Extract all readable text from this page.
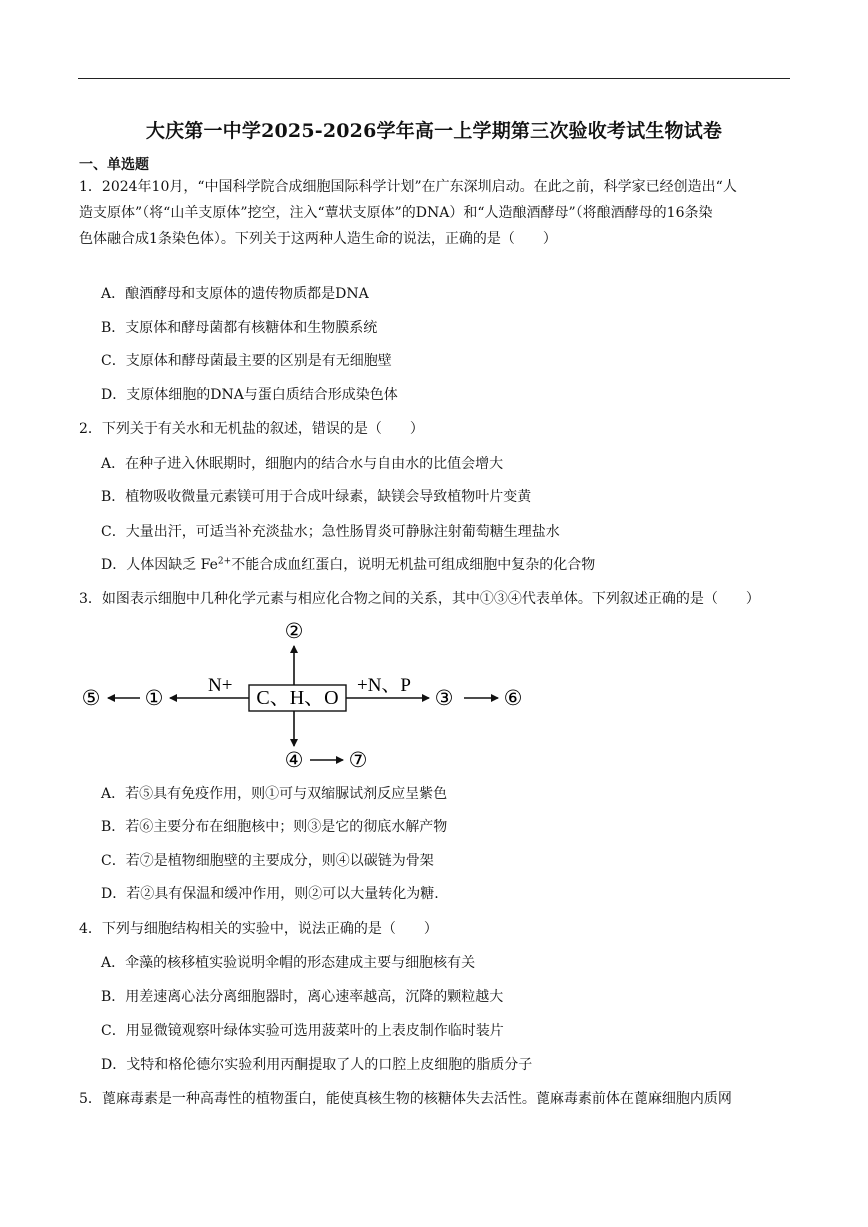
大庆第一中学2025-2026学年高一上学期第三次验收考试生物试卷
一、单选题
1．2024年10月，“中国科学院合成细胞国际科学计划”在广东深圳启动。在此之前，科学家已经创造出“人
造支原体”（将“山羊支原体”挖空，注入“蕈状支原体”的DNA）和“人造酿酒酵母”（将酿酒酵母的16条染
色体融合成1条染色体）。下列关于这两种人造生命的说法，正确的是（　　）
A．酿酒酵母和支原体的遗传物质都是DNA
B．支原体和酵母菌都有核糖体和生物膜系统
C．支原体和酵母菌最主要的区别是有无细胞壁
D．支原体细胞的DNA与蛋白质结合形成染色体
2．下列关于有关水和无机盐的叙述，错误的是（　　）
A．在种子进入休眠期时，细胞内的结合水与自由水的比值会增大
B．植物吸收微量元素镁可用于合成叶绿素，缺镁会导致植物叶片变黄
C．大量出汗，可适当补充淡盐水；急性肠胃炎可静脉注射葡萄糖生理盐水
D．人体因缺乏 $Fe^{2+}$不能合成血红蛋白，说明无机盐可组成细胞中复杂的化合物
3．如图表示细胞中几种化学元素与相应化合物之间的关系，其中①③④代表单体。下列叙述正确的是（　　）
C、H、O
②
④ ⑦
N+
①
⑤
+N、P
③ ⑥
A．若⑤具有免疫作用，则①可与双缩脲试剂反应呈紫色
B．若⑥主要分布在细胞核中；则③是它的彻底水解产物
C．若⑦是植物细胞壁的主要成分，则④以碳链为骨架
D．若②具有保温和缓冲作用，则②可以大量转化为糖.
4．下列与细胞结构相关的实验中，说法正确的是（　　）
A．伞藻的核移植实验说明伞帽的形态建成主要与细胞核有关
B．用差速离心法分离细胞器时，离心速率越高，沉降的颗粒越大
C．用显微镜观察叶绿体实验可选用菠菜叶的上表皮制作临时装片
D．戈特和格伦德尔实验利用丙酮提取了人的口腔上皮细胞的脂质分子
5．蓖麻毒素是一种高毒性的植物蛋白，能使真核生物的核糖体失去活性。蓖麻毒素前体在蓖麻细胞内质网
